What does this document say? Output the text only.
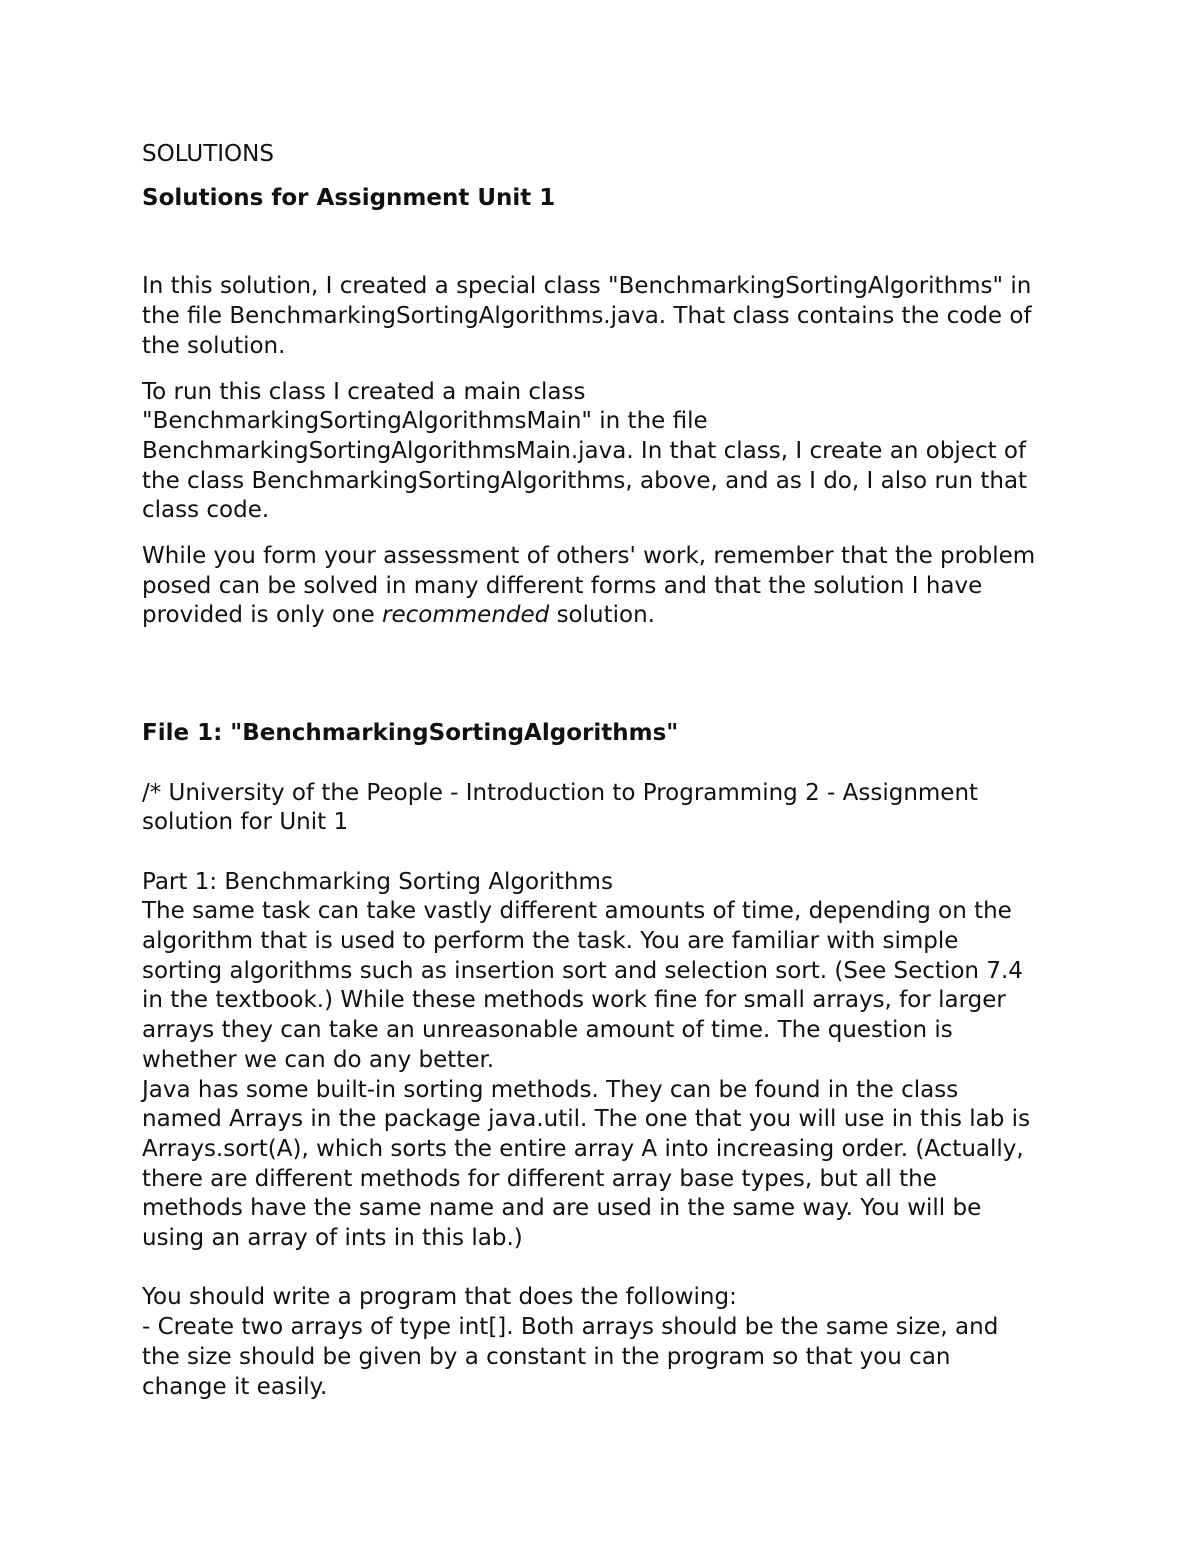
SOLUTIONS

Solutions for Assignment Unit 1

In this solution, I created a special class "BenchmarkingSortingAlgorithms" in
the file BenchmarkingSortingAlgorithms.java. That class contains the code of
the solution.

To run this class I created a main class
"BenchmarkingSortingAlgorithmsMain" in the file
BenchmarkingSortingAlgorithmsMain.java. In that class, I create an object of
the class BenchmarkingSortingAlgorithms, above, and as I do, I also run that
class code.

While you form your assessment of others' work, remember that the problem
posed can be solved in many different forms and that the solution I have
provided is only one recommended solution.

File 1: "BenchmarkingSortingAlgorithms"

/* University of the People - Introduction to Programming 2 - Assignment
solution for Unit 1

Part 1: Benchmarking Sorting Algorithms
The same task can take vastly different amounts of time, depending on the
algorithm that is used to perform the task. You are familiar with simple
sorting algorithms such as insertion sort and selection sort. (See Section 7.4
in the textbook.) While these methods work fine for small arrays, for larger
arrays they can take an unreasonable amount of time. The question is
whether we can do any better.
Java has some built-in sorting methods. They can be found in the class
named Arrays in the package java.util. The one that you will use in this lab is
Arrays.sort(A), which sorts the entire array A into increasing order. (Actually,
there are different methods for different array base types, but all the
methods have the same name and are used in the same way. You will be
using an array of ints in this lab.)

You should write a program that does the following:
- Create two arrays of type int[]. Both arrays should be the same size, and
the size should be given by a constant in the program so that you can
change it easily.
